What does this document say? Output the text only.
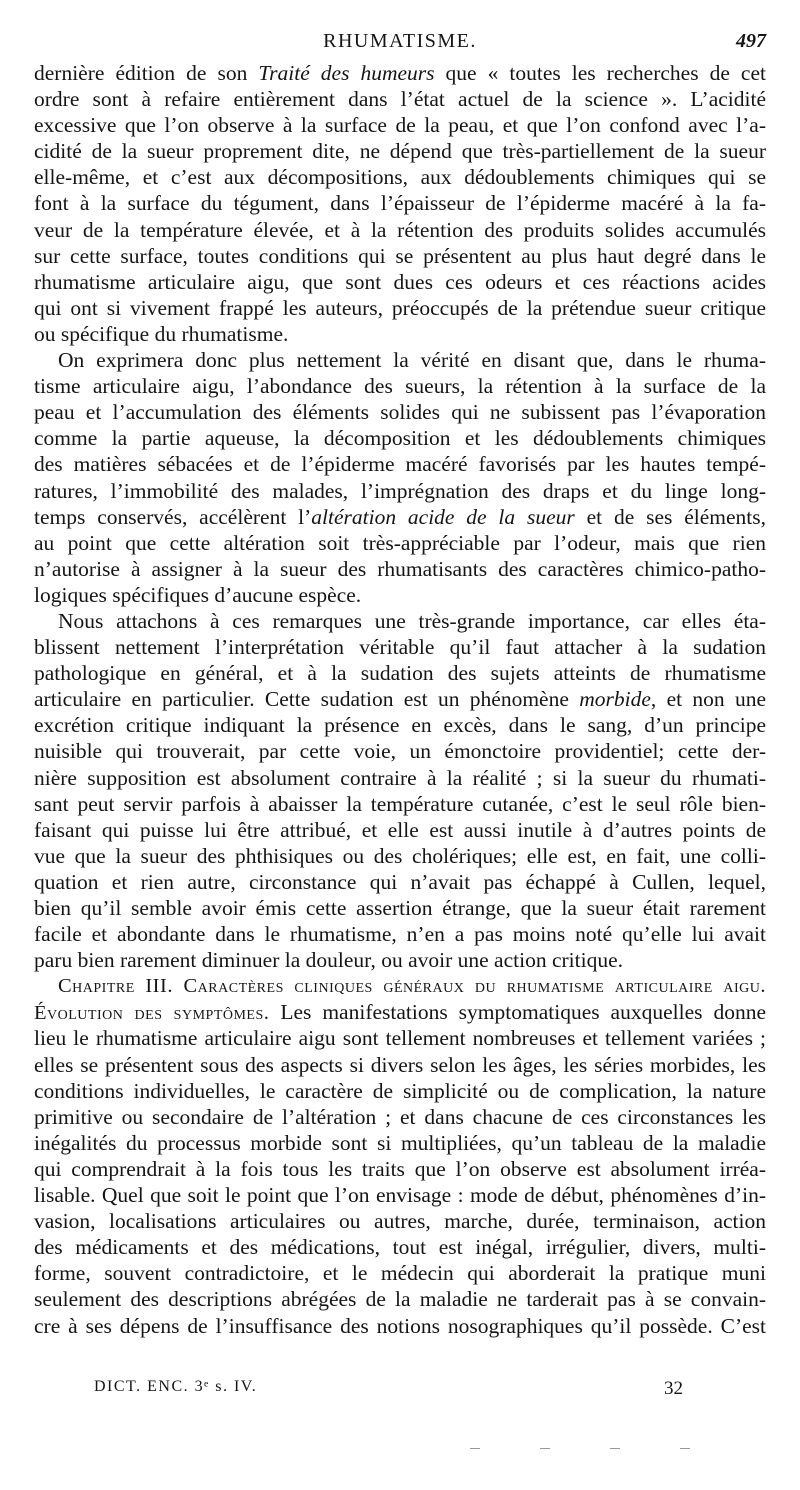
RHUMATISME.	497
dernière édition de son Traité des humeurs que « toutes les recherches de cet
ordre sont à refaire entièrement dans l’état actuel de la science ». L’acidité
excessive que l’on observe à la surface de la peau, et que l’on confond avec l’a-
cidité de la sueur proprement dite, ne dépend que très-partiellement de la sueur
elle-même, et c’est aux décompositions, aux dédoublements chimiques qui se
font à la surface du tégument, dans l’épaisseur de l’épiderme macéré à la fa-
veur de la température élevée, et à la rétention des produits solides accumulés
sur cette surface, toutes conditions qui se présentent au plus haut degré dans le
rhumatisme articulaire aigu, que sont dues ces odeurs et ces réactions acides
qui ont si vivement frappé les auteurs, préoccupés de la prétendue sueur critique
ou spécifique du rhumatisme.
On exprimera donc plus nettement la vérité en disant que, dans le rhuma-
tisme articulaire aigu, l’abondance des sueurs, la rétention à la surface de la
peau et l’accumulation des éléments solides qui ne subissent pas l’évaporation
comme la partie aqueuse, la décomposition et les dédoublements chimiques
des matières sébacées et de l’épiderme macéré favorisés par les hautes tempé-
ratures, l’immobilité des malades, l’imprégnation des draps et du linge long-
temps conservés, accélèrent l’altération acide de la sueur et de ses éléments,
au point que cette altération soit très-appréciable par l’odeur, mais que rien
n’autorise à assigner à la sueur des rhumatisants des caractères chimico-patho-
logiques spécifiques d’aucune espèce.
Nous attachons à ces remarques une très-grande importance, car elles éta-
blissent nettement l’interprétation véritable qu’il faut attacher à la sudation
pathologique en général, et à la sudation des sujets atteints de rhumatisme
articulaire en particulier. Cette sudation est un phénomène morbide, et non une
excrétion critique indiquant la présence en excès, dans le sang, d’un principe
nuisible qui trouverait, par cette voie, un émonctoire providentiel; cette der-
nière supposition est absolument contraire à la réalité ; si la sueur du rhumati-
sant peut servir parfois à abaisser la température cutanée, c’est le seul rôle bien-
faisant qui puisse lui être attribué, et elle est aussi inutile à d’autres points de
vue que la sueur des phthisiques ou des cholériques; elle est, en fait, une colli-
quation et rien autre, circonstance qui n’avait pas échappé à Cullen, lequel,
bien qu’il semble avoir émis cette assertion étrange, que la sueur était rarement
facile et abondante dans le rhumatisme, n’en a pas moins noté qu’elle lui avait
paru bien rarement diminuer la douleur, ou avoir une action critique.
Chapitre III. Caractères cliniques généraux du rhumatisme articulaire aigu.
Évolution des symptômes. Les manifestations symptomatiques auxquelles donne
lieu le rhumatisme articulaire aigu sont tellement nombreuses et tellement variées ;
elles se présentent sous des aspects si divers selon les âges, les séries morbides, les
conditions individuelles, le caractère de simplicité ou de complication, la nature
primitive ou secondaire de l’altération ; et dans chacune de ces circonstances les
inégalités du processus morbide sont si multipliées, qu’un tableau de la maladie
qui comprendrait à la fois tous les traits que l’on observe est absolument irréa-
lisable. Quel que soit le point que l’on envisage : mode de début, phénomènes d’in-
vasion, localisations articulaires ou autres, marche, durée, terminaison, action
des médicaments et des médications, tout est inégal, irrégulier, divers, multi-
forme, souvent contradictoire, et le médecin qui aborderait la pratique muni
seulement des descriptions abrégées de la maladie ne tarderait pas à se convain-
cre à ses dépens de l’insuffisance des notions nosographiques qu’il possède. C’est
DICT. ENC. 3ᵉ s. IV.	32
